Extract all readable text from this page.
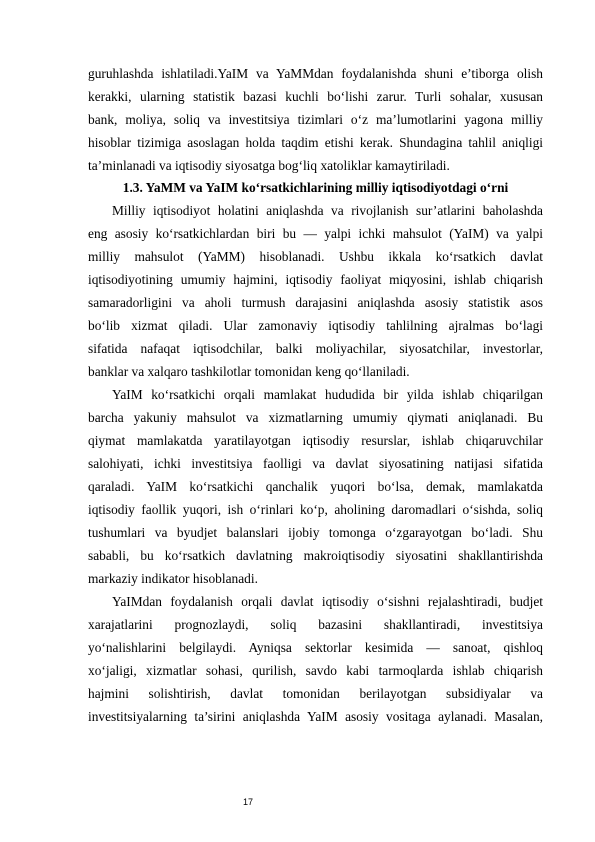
guruhlashda ishlatiladi.YaIM va YaMMdan foydalanishda shuni e’tiborga olish
kerakki, ularning statistik bazasi kuchli bo‘lishi zarur. Turli sohalar, xususan
bank, moliya, soliq va investitsiya tizimlari o‘z ma’lumotlarini yagona milliy
hisoblar tizimiga asoslagan holda taqdim etishi kerak. Shundagina tahlil aniqligi
ta’minlanadi va iqtisodiy siyosatga bog‘liq xatoliklar kamaytiriladi.
1.3. YaMM va YaIM ko‘rsatkichlarining milliy iqtisodiyotdagi o‘rni
Milliy iqtisodiyot holatini aniqlashda va rivojlanish sur’atlarini baholashda
eng asosiy ko‘rsatkichlardan biri bu — yalpi ichki mahsulot (YaIM) va yalpi
milliy mahsulot (YaMM) hisoblanadi. Ushbu ikkala ko‘rsatkich davlat
iqtisodiyotining umumiy hajmini, iqtisodiy faoliyat miqyosini, ishlab chiqarish
samaradorligini va aholi turmush darajasini aniqlashda asosiy statistik asos
bo‘lib xizmat qiladi. Ular zamonaviy iqtisodiy tahlilning ajralmas bo‘lagi
sifatida nafaqat iqtisodchilar, balki moliyachilar, siyosatchilar, investorlar,
banklar va xalqaro tashkilotlar tomonidan keng qo‘llaniladi.
YaIM ko‘rsatkichi orqali mamlakat hududida bir yilda ishlab chiqarilgan
barcha yakuniy mahsulot va xizmatlarning umumiy qiymati aniqlanadi. Bu
qiymat mamlakatda yaratilayotgan iqtisodiy resurslar, ishlab chiqaruvchilar
salohiyati, ichki investitsiya faolligi va davlat siyosatining natijasi sifatida
qaraladi. YaIM ko‘rsatkichi qanchalik yuqori bo‘lsa, demak, mamlakatda
iqtisodiy faollik yuqori, ish o‘rinlari ko‘p, aholining daromadlari o‘sishda, soliq
tushumlari va byudjet balanslari ijobiy tomonga o‘zgarayotgan bo‘ladi. Shu
sababli, bu ko‘rsatkich davlatning makroiqtisodiy siyosatini shakllantirishda
markaziy indikator hisoblanadi.
YaIMdan foydalanish orqali davlat iqtisodiy o‘sishni rejalashtiradi, budjet
xarajatlarini prognozlaydi, soliq bazasini shakllantiradi, investitsiya
yo‘nalishlarini belgilaydi. Ayniqsa sektorlar kesimida — sanoat, qishloq
xo‘jaligi, xizmatlar sohasi, qurilish, savdo kabi tarmoqlarda ishlab chiqarish
hajmini solishtirish, davlat tomonidan berilayotgan subsidiyalar va
investitsiyalarning ta’sirini aniqlashda YaIM asosiy vositaga aylanadi. Masalan,
17
